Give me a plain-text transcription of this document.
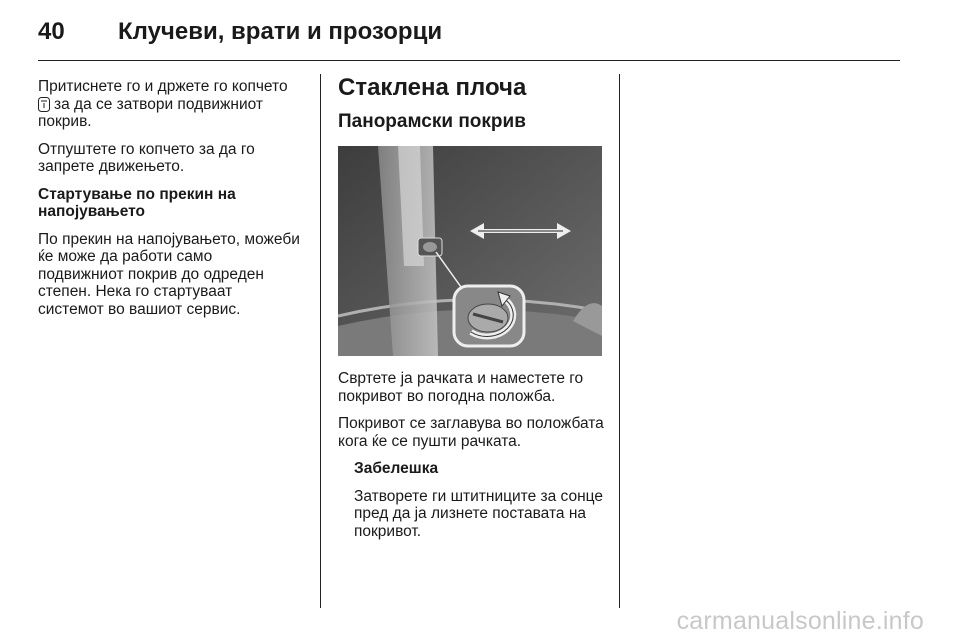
40 Клучеви, врати и прозорци

Притиснете го и држете го копчето
за да се затвори подвижниот покрив.

Отпуштете го копчето за да го запрете движењето.

Стартување по прекин на напојувањето

По прекин на напојувањето, можеби ќе може да работи само подвижниот покрив до одреден степен. Нека го стартуваат системот во вашиот сервис.

Стаклена плоча
Панорамски покрив

Свртете ја рачката и наместете го покривот во погодна положба.

Покривот се заглавува во положбата кога ќе се пушти рачката.

Забелешка

Затворете ги штитниците за сонце пред да ја лизнете поставата на покривот.

carmanualsonline.info
